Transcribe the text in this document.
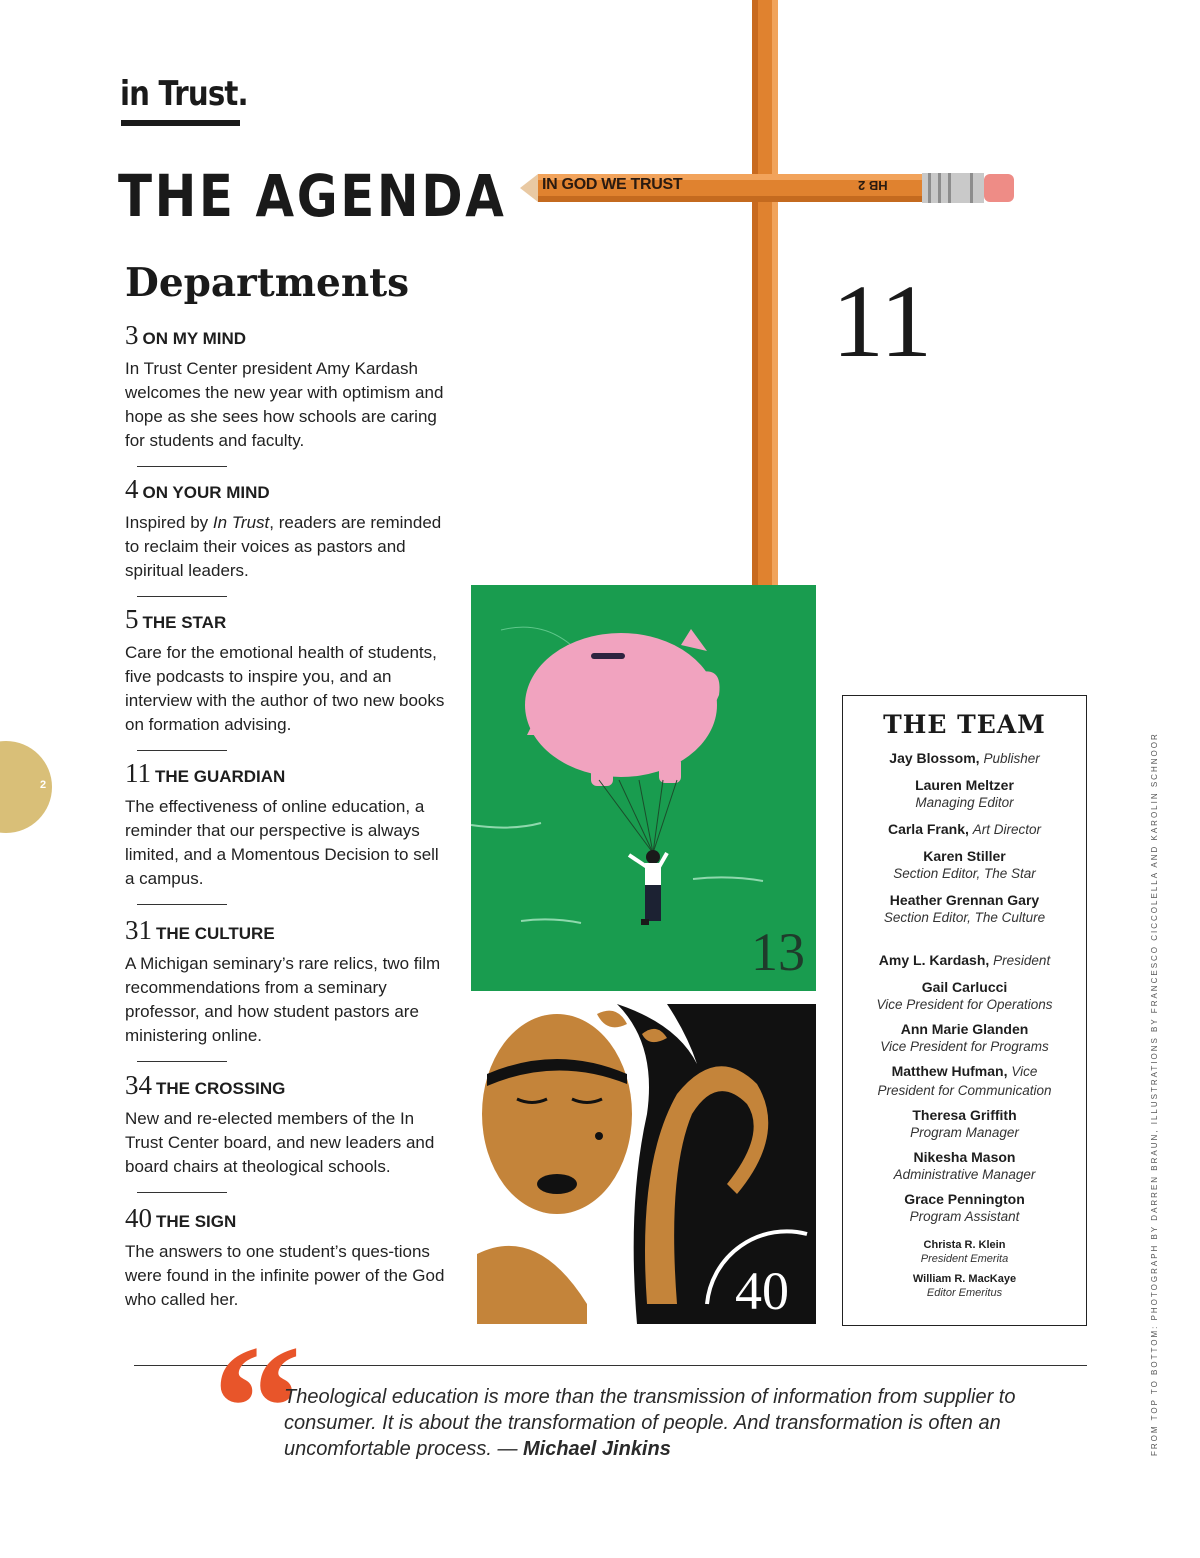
in Trust.
THE AGENDA
Departments
3 ON MY MIND

In Trust Center president Amy Kardash welcomes the new year with optimism and hope as she sees how schools are caring for students and faculty.

4 ON YOUR MIND

Inspired by In Trust, readers are reminded to reclaim their voices as pastors and spiritual leaders.

5 THE STAR

Care for the emotional health of students, five podcasts to inspire you, and an interview with the author of two new books on formation advising.

11 THE GUARDIAN

The effectiveness of online education, a reminder that our perspective is always limited, and a Momentous Decision to sell a campus.

31 THE CULTURE

A Michigan seminary’s rare relics, two film recommendations from a seminary professor, and how student pastors are ministering online.

34 THE CROSSING

New and re-elected members of the In Trust Center board, and new leaders and board chairs at theological schools.

40 THE SIGN

The answers to one student’s ques-tions were found in the infinite power of the God who called her.

2
IN GOD WE TRUST	HB 2
11
13
40
THE TEAM
Jay Blossom, Publisher
Lauren Meltzer
Managing Editor
Carla Frank, Art Director
Karen Stiller
Section Editor, The Star
Heather Grennan Gary
Section Editor, The Culture
Amy L. Kardash, President
Gail Carlucci
Vice President for Operations
Ann Marie Glanden
Vice President for Programs
Matthew Hufman, Vice President for Communication
Theresa Griffith
Program Manager
Nikesha Mason
Administrative Manager
Grace Pennington
Program Assistant
Christa R. Klein
President Emerita
William R. MacKaye
Editor Emeritus	FROM TOP TO BOTTOM: PHOTOGRAPH BY DARREN BRAUN, ILLUSTRATIONS BY FRANCESCO CICCOLELLA AND KAROLIN SCHNOOR
“

Theological education is more than the transmission of information from supplier to consumer. It is about the transformation of people. And transformation is often an uncomfortable process. — Michael Jinkins
